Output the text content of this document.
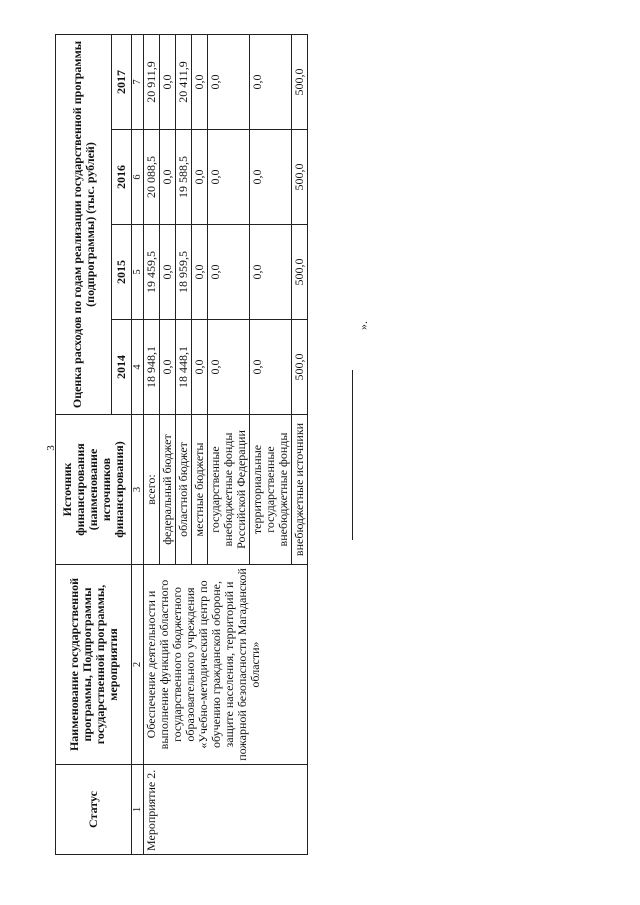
3
Статус	Наименование государственной программы, Подпрограммы государственной программы, мероприятия	Источник финансирования (наименование источников финансирования)	Оценка расходов по годам реализации государственной программы (подпрограммы) (тыс. рублей)			
			2014	2015	2016	2017
1	2	3	4	5	6	7
Мероприятие 2.	Обеспечение деятельности и выполнение функций областного государственного бюджетного образовательного учреждения «Учебно-методический центр по обучению гражданской обороне, защите населения, территорий и пожарной безопасности Магаданской области»	всего:	18 948,1	19 459,5	20 088,5	20 911,9
		федеральный бюджет	0,0	0,0	0,0	0,0
		областной бюджет	18 448,1	18 959,5	19 588,5	20 411,9
		местные бюджеты	0,0	0,0	0,0	0,0
		государственные внебюджетные фонды Российской Федерации	0,0	0,0	0,0	0,0
		территориальные государственные внебюджетные фонды	0,0	0,0	0,0	0,0
		внебюджетные источники	500,0	500,0	500,0	500,0
».
